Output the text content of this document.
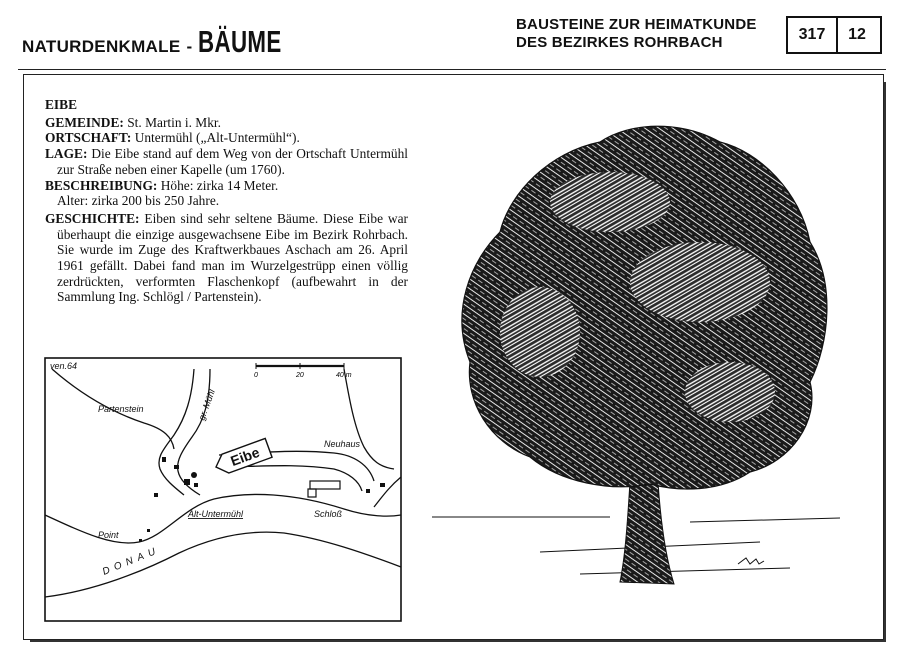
NATURDENKMALE - BÄUME	BAUSTEINE ZUR HEIMATKUNDE
DES BEZIRKES ROHRBACH	317	12

EIBE

GEMEINDE: St. Martin i. Mkr.

ORTSCHAFT: Untermühl („Alt-Untermühl“).

LAGE: Die Eibe stand auf dem Weg von der Ortschaft Untermühl zur Straße neben einer Kapelle (um 1760).

BESCHREIBUNG: Höhe: zirka 14 Meter.

Alter: zirka 200 bis 250 Jahre.

GESCHICHTE: Eiben sind sehr seltene Bäume. Diese Eibe war überhaupt die einzige ausgewachsene Eibe im Bezirk Rohrbach. Sie wurde im Zuge des Kraftwerkbaues Aschach am 26. April 1961 gefällt. Dabei fand man im Wurzelgestrüpp einen völlig zerdrückten, verformten Flaschenkopf (aufbewahrt in der Sammlung Ing. Schlögl / Partenstein).

Eibe
0	20	40 m
ven.64
Partenstein	gr. Mühl
Neuhaus
Alt-Untermühl	Schloß
Point
DONAU
